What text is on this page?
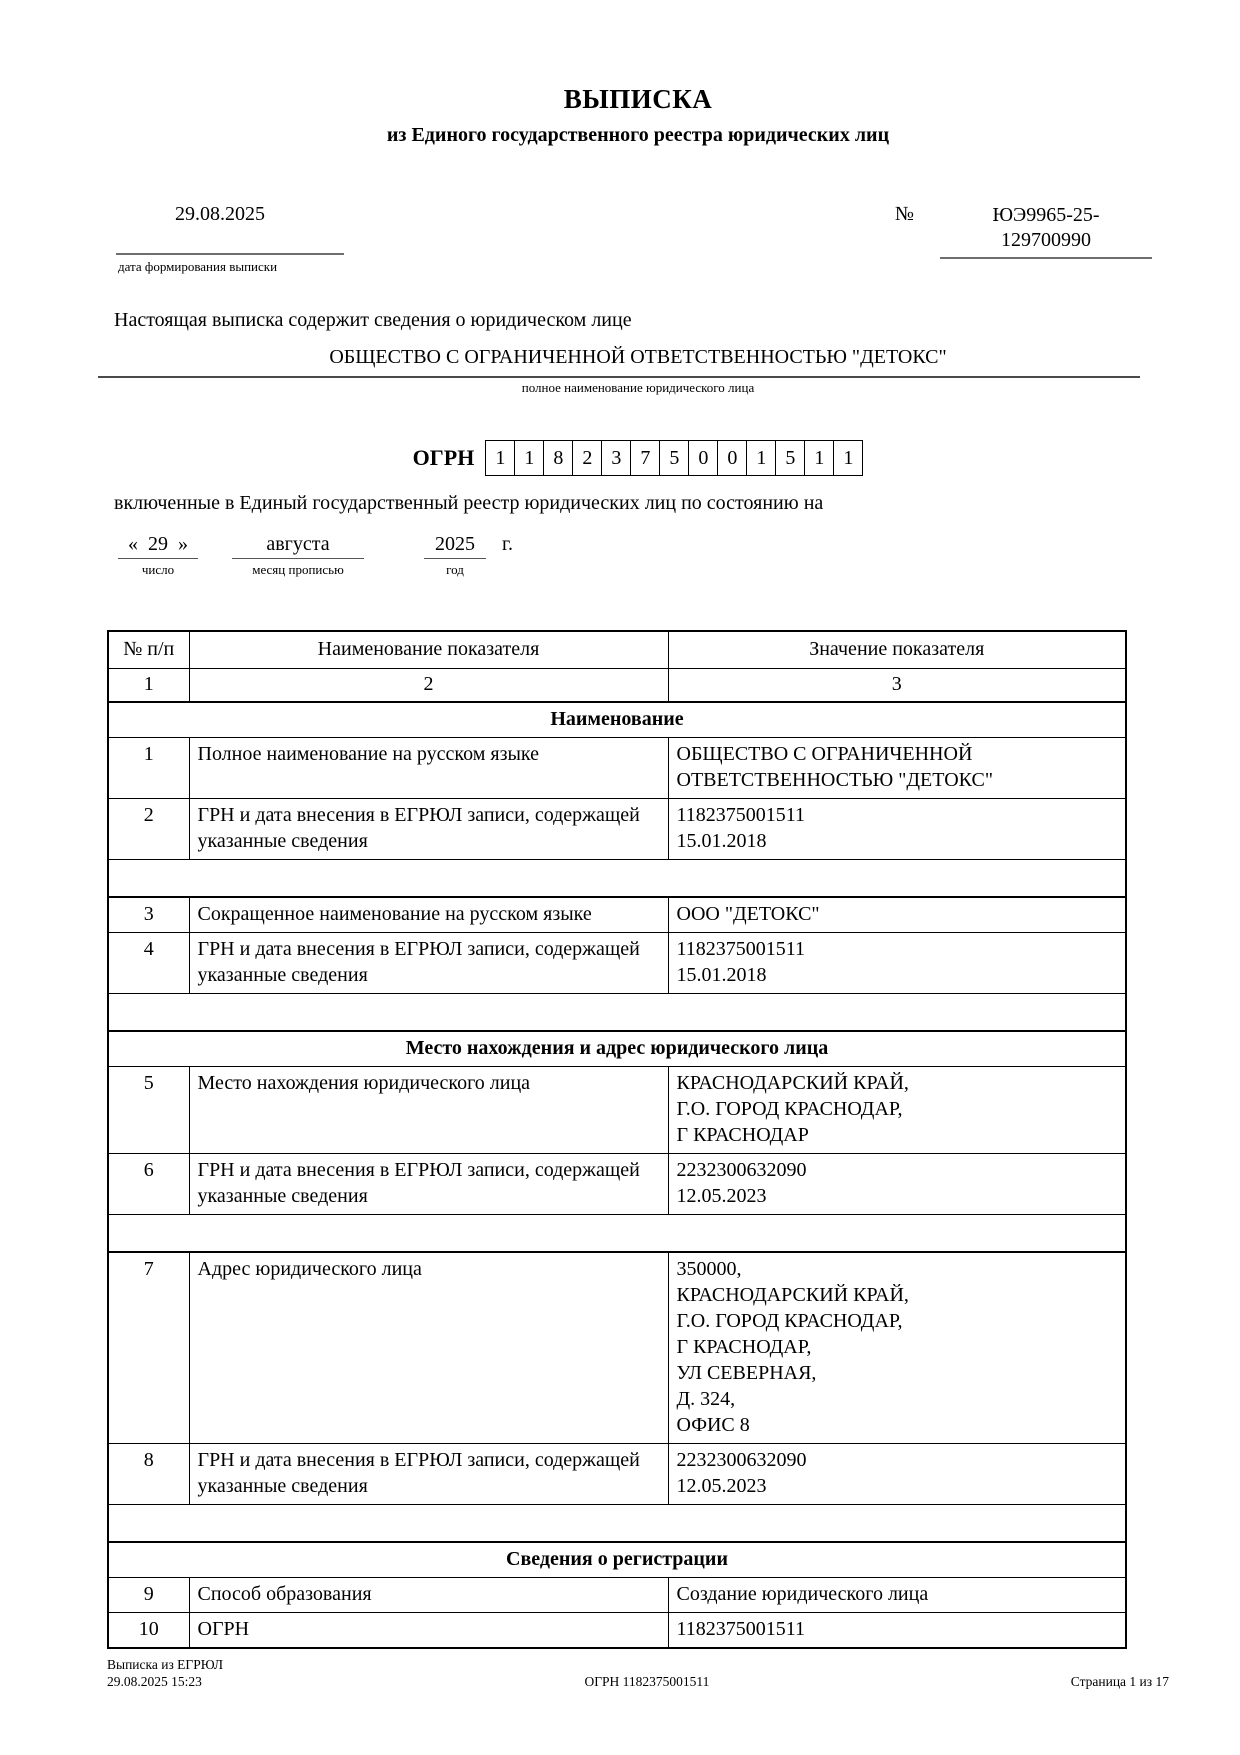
ВЫПИСКА
из Единого государственного реестра юридических лиц
29.08.2025
дата формирования выписки
№	ЮЭ9965-25-
129700990
Настоящая выписка содержит сведения о юридическом лице
ОБЩЕСТВО С ОГРАНИЧЕННОЙ ОТВЕТСТВЕННОСТЬЮ "ДЕТОКС"
полное наименование юридического лица
ОГРН	1 1 8 2 3 7 5 0 0 1 5 1 1
включенные в Единый государственный реестр юридических лиц по состоянию на
« 29 »
число
августа
месяц прописью
2025
год
г.
№ п/п	Наименование показателя	Значение показателя
1	2	3
Наименование		
1	Полное наименование на русском языке	ОБЩЕСТВО С ОГРАНИЧЕННОЙ
ОТВЕТСТВЕННОСТЬЮ "ДЕТОКС"

2	ГРН и дата внесения в ЕГРЮЛ записи, содержащей указанные сведения	1182375001511
15.01.2018

3	Сокращенное наименование на русском языке	ООО "ДЕТОКС"

4	ГРН и дата внесения в ЕГРЮЛ записи, содержащей указанные сведения	1182375001511
15.01.2018

Место нахождения и адрес юридического лица		
5	Место нахождения юридического лица	КРАСНОДАРСКИЙ КРАЙ,
Г.О. ГОРОД КРАСНОДАР,
Г КРАСНОДАР

6	ГРН и дата внесения в ЕГРЮЛ записи, содержащей указанные сведения	2232300632090
12.05.2023

7	Адрес юридического лица	350000,
КРАСНОДАРСКИЙ КРАЙ,
Г.О. ГОРОД КРАСНОДАР,
Г КРАСНОДАР,
УЛ СЕВЕРНАЯ,
Д. 324,
ОФИС 8

8	ГРН и дата внесения в ЕГРЮЛ записи, содержащей указанные сведения	2232300632090
12.05.2023

Сведения о регистрации		
9	Способ образования	Создание юридического лица

10	ОГРН	1182375001511
Выписка из ЕГРЮЛ
29.08.2025 15:23	ОГРН 1182375001511	Страница 1 из 17
